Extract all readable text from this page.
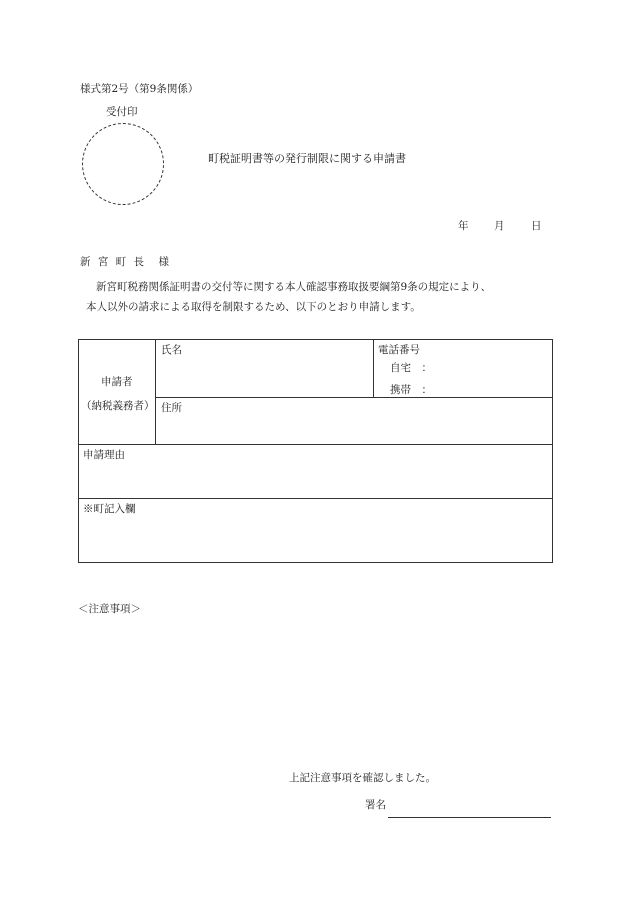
様式第2号（第9条関係）
受付印
町税証明書等の発行制限に関する申請書
年 月	日
新 宮 町 長　様
新宮町税務関係証明書の交付等に関する本人確認事務取扱要綱第9条の規定により、
本人以外の請求による取得を制限するため、以下のとおり申請します。
申請者
（納税義務者）
氏名	電話番号
自宅　：
携帯　：
住所
申請理由
※町記入欄
＜注意事項＞
上記注意事項を確認しました。
署名
